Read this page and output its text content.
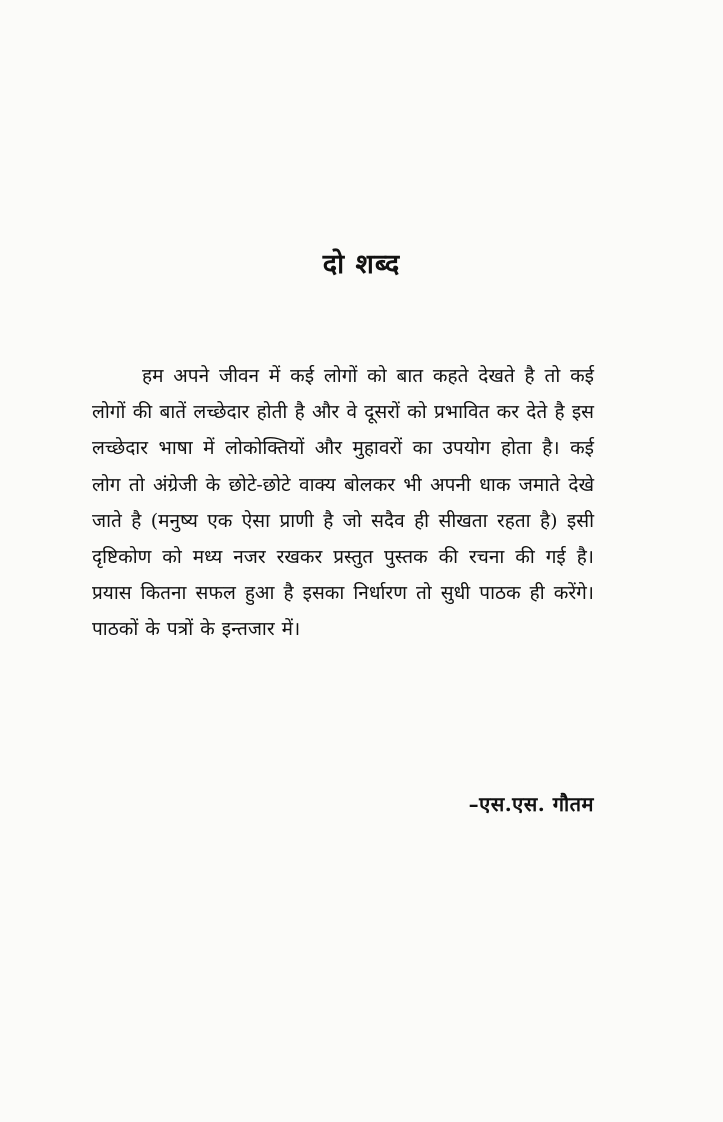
दो शब्द

हम अपने जीवन में कई लोगों को बात कहते देखते है तो कई लोगों की बातें लच्छेदार होती है और वे दूसरों को प्रभावित कर देते है इस लच्छेदार भाषा में लोकोक्तियों और मुहावरों का उपयोग होता है। कई लोग तो अंग्रेजी के छोटे-छोटे वाक्य बोलकर भी अपनी धाक जमाते देखे जाते है (मनुष्य एक ऐसा प्राणी है जो सदैव ही सीखता रहता है) इसी दृष्टिकोण को मध्य नजर रखकर प्रस्तुत पुस्तक की रचना की गई है। प्रयास कितना सफल हुआ है इसका निर्धारण तो सुधी पाठक ही करेंगे। पाठकों के पत्रों के इन्तजार में।

–एस.एस. गौतम
